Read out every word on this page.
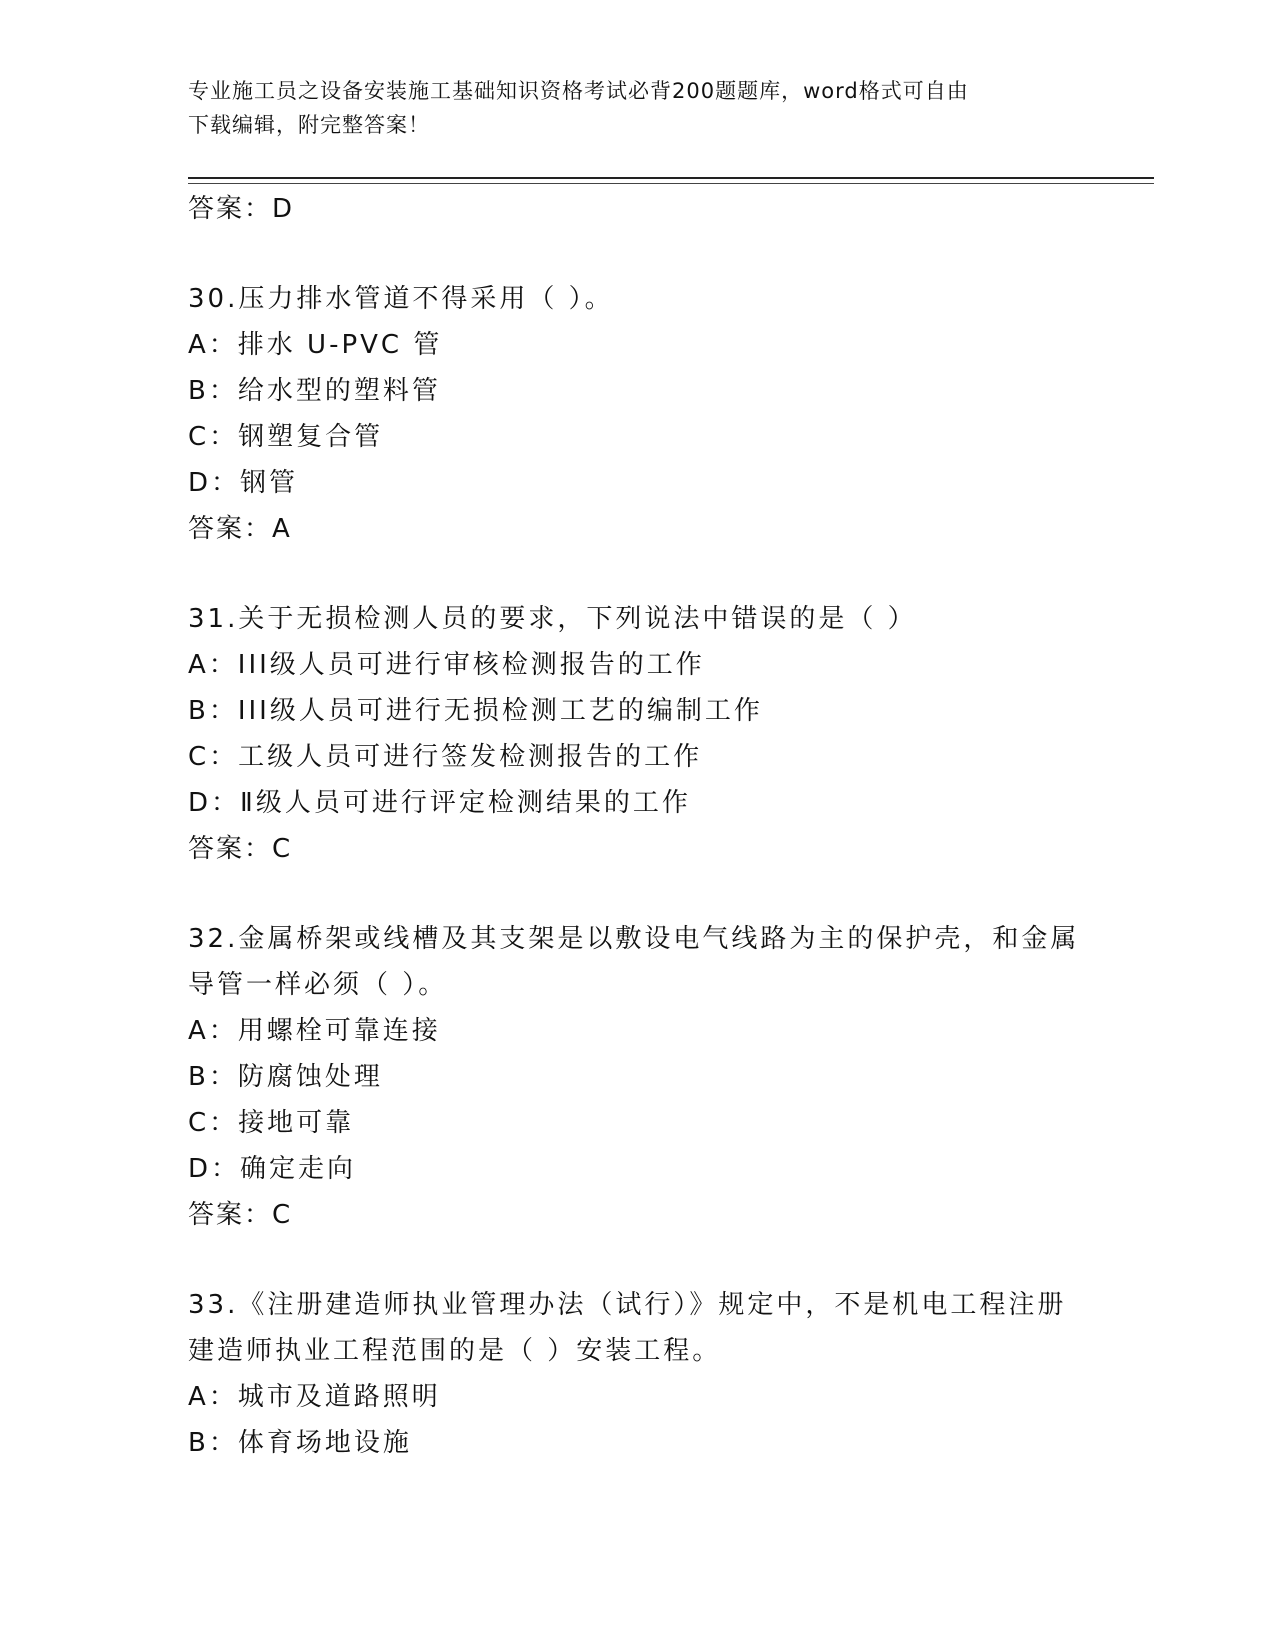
专业施工员之设备安装施工基础知识资格考试必背200题题库，word格式可自由
下载编辑，附完整答案！
答案：D
30.压力排水管道不得采用（ ）。
A：排水 U-PVC 管
B：给水型的塑料管
C：钢塑复合管
D：钢管
答案：A
31.关于无损检测人员的要求，下列说法中错误的是（ ）
A：III级人员可进行审核检测报告的工作
B：III级人员可进行无损检测工艺的编制工作
C：工级人员可进行签发检测报告的工作
D：Ⅱ级人员可进行评定检测结果的工作
答案：C
32.金属桥架或线槽及其支架是以敷设电气线路为主的保护壳，和金属
导管一样必须（ ）。
A：用螺栓可靠连接
B：防腐蚀处理
C：接地可靠
D：确定走向
答案：C
33.《注册建造师执业管理办法（试行）》规定中，不是机电工程注册
建造师执业工程范围的是（ ）安装工程。
A：城市及道路照明
B：体育场地设施
